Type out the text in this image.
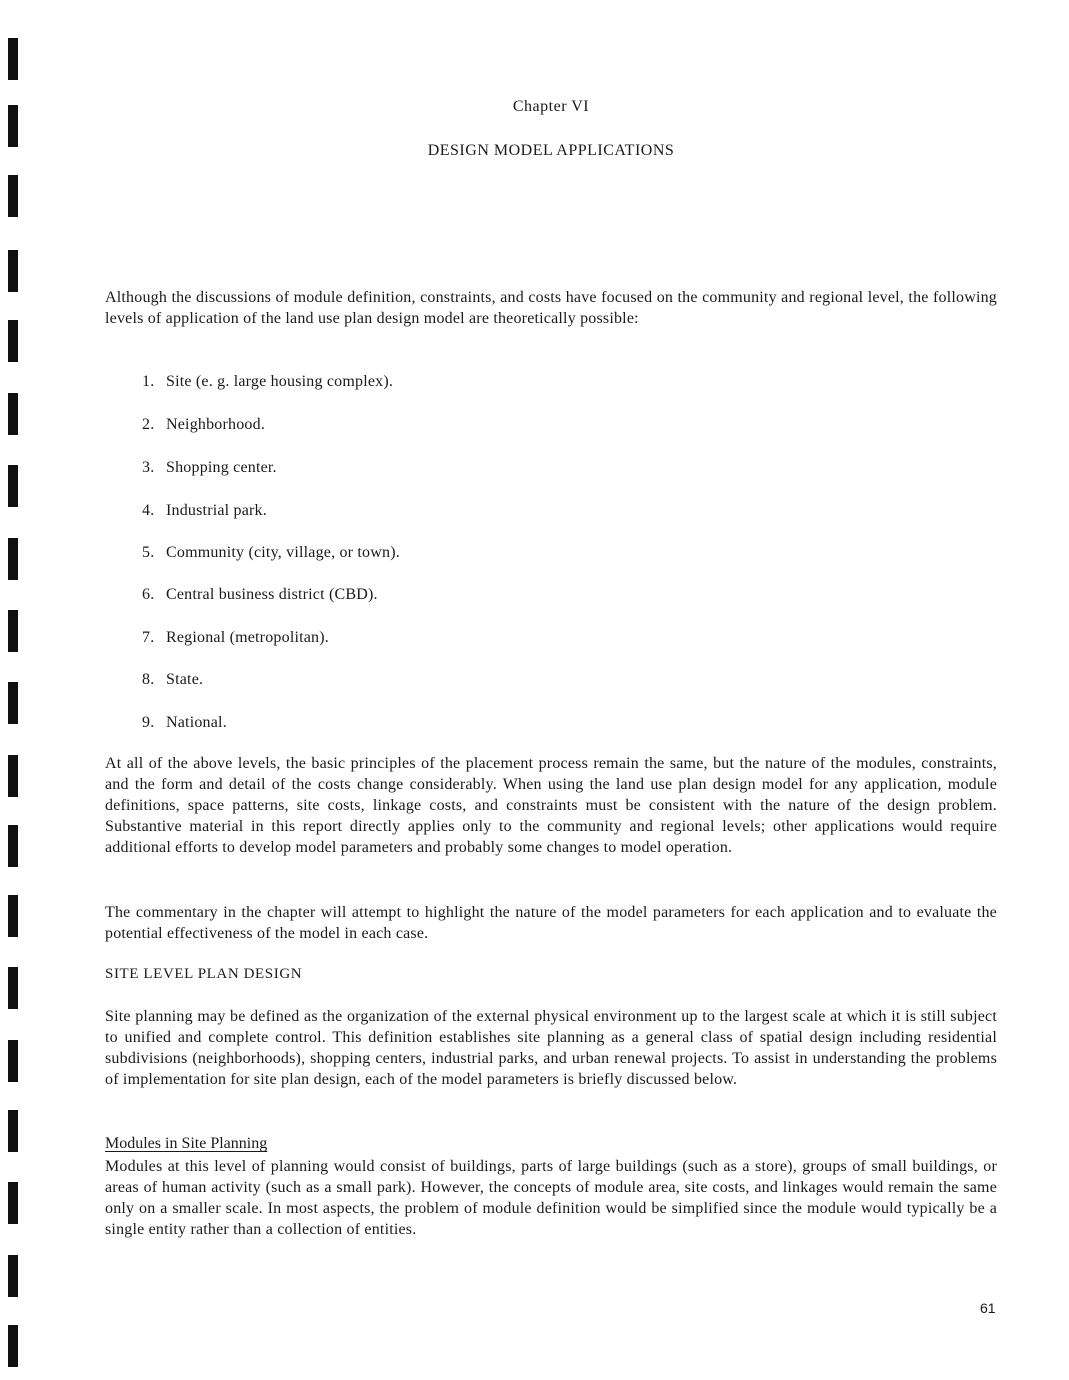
Chapter VI
DESIGN MODEL APPLICATIONS

Although the discussions of module definition, constraints, and costs have focused on the community and regional level, the following levels of application of the land use plan design model are theoretically possible:

1. Site (e. g. large housing complex).
2. Neighborhood.
3. Shopping center.
4. Industrial park.
5. Community (city, village, or town).
6. Central business district (CBD).
7. Regional (metropolitan).
8. State.
9. National.

At all of the above levels, the basic principles of the placement process remain the same, but the nature of the modules, constraints, and the form and detail of the costs change considerably. When using the land use plan design model for any application, module definitions, space patterns, site costs, linkage costs, and constraints must be consistent with the nature of the design problem. Substantive material in this report directly applies only to the community and regional levels; other applications would require additional efforts to develop model parameters and probably some changes to model operation.

The commentary in the chapter will attempt to highlight the nature of the model parameters for each application and to evaluate the potential effectiveness of the model in each case.

SITE LEVEL PLAN DESIGN

Site planning may be defined as the organization of the external physical environment up to the largest scale at which it is still subject to unified and complete control. This definition establishes site planning as a general class of spatial design including residential subdivisions (neighborhoods), shopping centers, industrial parks, and urban renewal projects. To assist in understanding the problems of implementation for site plan design, each of the model parameters is briefly discussed below.

Modules in Site Planning

Modules at this level of planning would consist of buildings, parts of large buildings (such as a store), groups of small buildings, or areas of human activity (such as a small park). However, the concepts of module area, site costs, and linkages would remain the same only on a smaller scale. In most aspects, the problem of module definition would be simplified since the module would typically be a single entity rather than a collection of entities.

61
